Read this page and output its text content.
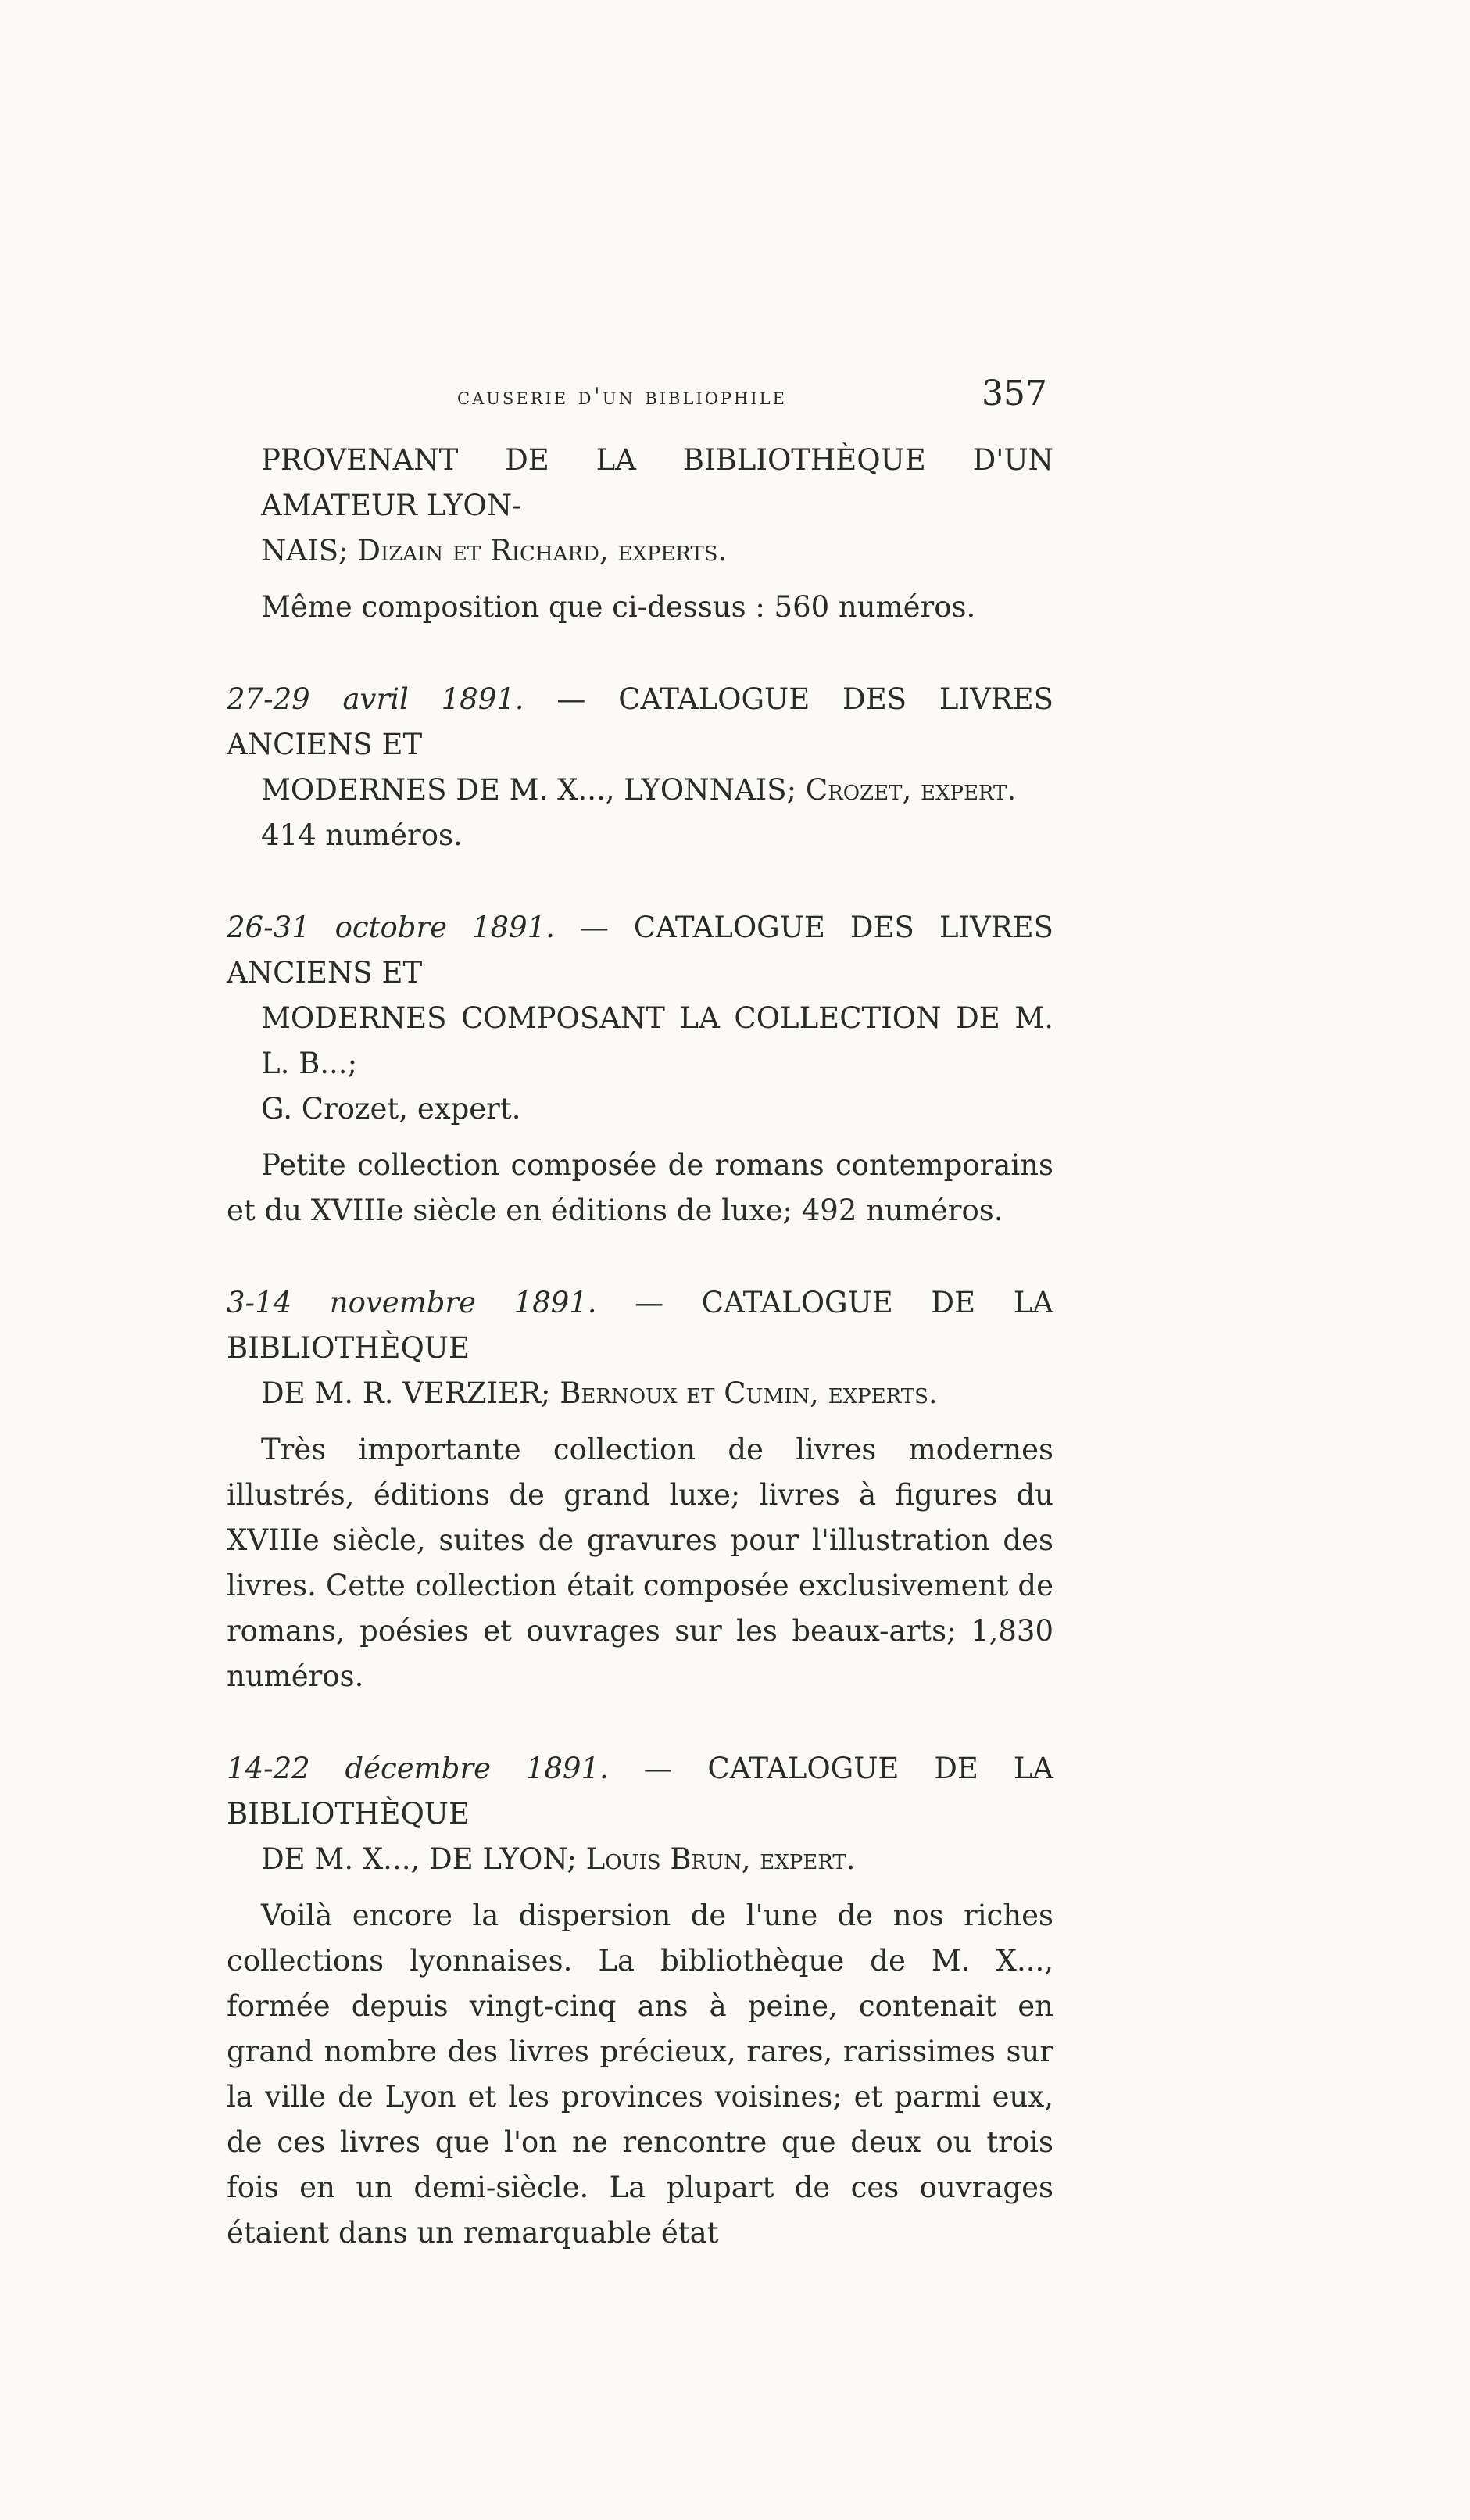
causerie d'un bibliophile	357
PROVENANT DE LA BIBLIOTHÈQUE D'UN AMATEUR LYON-
NAIS; Dizain et Richard, experts.

Même composition que ci-dessus : 560 numéros.

27-29 avril 1891. — CATALOGUE DES LIVRES ANCIENS ET
MODERNES DE M. X..., LYONNAIS; Crozet, expert.
414 numéros.
26-31 octobre 1891. — CATALOGUE DES LIVRES ANCIENS ET
MODERNES COMPOSANT LA COLLECTION DE M. L. B...;
G. Crozet, expert.

Petite collection composée de romans contemporains et du XVIIIe siècle en éditions de luxe; 492 numéros.

3-14 novembre 1891. — CATALOGUE DE LA BIBLIOTHÈQUE
DE M. R. VERZIER; Bernoux et Cumin, experts.

Très importante collection de livres modernes illustrés, éditions de grand luxe; livres à figures du XVIIIe siècle, suites de gravures pour l'illustration des livres. Cette collection était composée exclusivement de romans, poésies et ouvrages sur les beaux-arts; 1,830 numéros.

14-22 décembre 1891. — CATALOGUE DE LA BIBLIOTHÈQUE
DE M. X..., DE LYON; Louis Brun, expert.

Voilà encore la dispersion de l'une de nos riches collections lyonnaises. La bibliothèque de M. X..., formée depuis vingt-cinq ans à peine, contenait en grand nombre des livres précieux, rares, rarissimes sur la ville de Lyon et les provinces voisines; et parmi eux, de ces livres que l'on ne rencontre que deux ou trois fois en un demi-siècle. La plupart de ces ouvrages étaient dans un remarquable état
